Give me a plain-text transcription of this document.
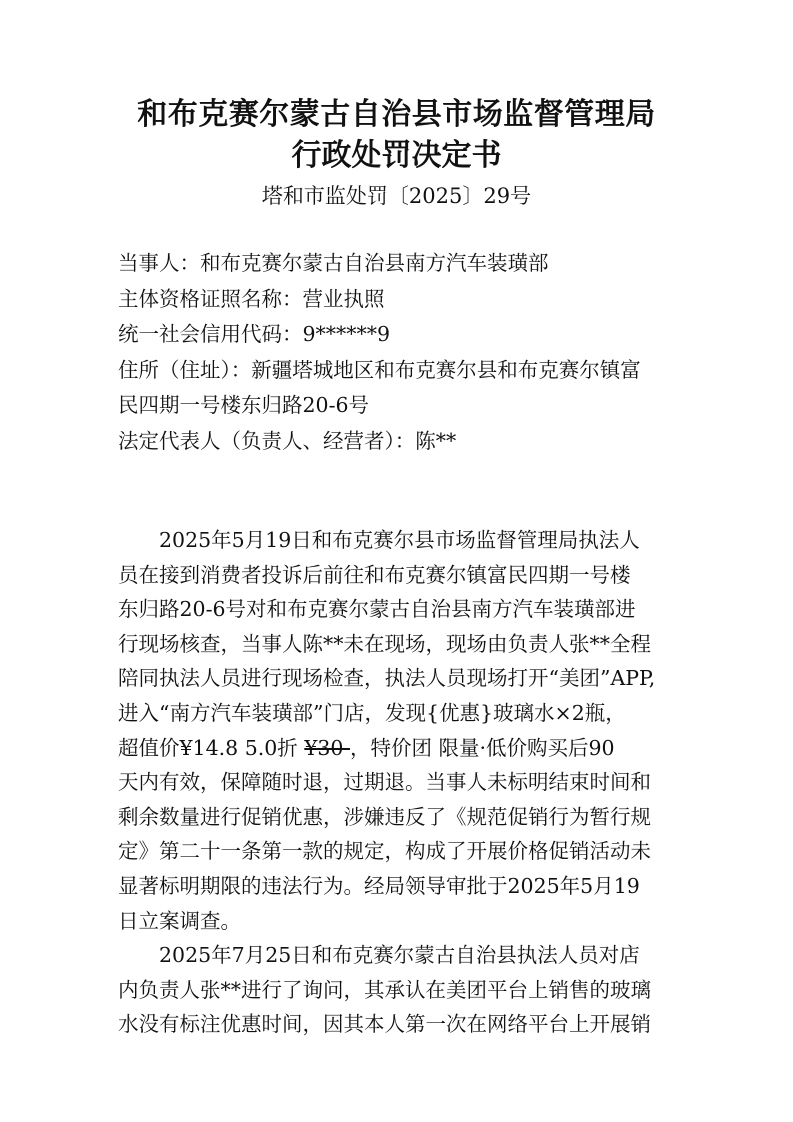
和布克赛尔蒙古自治县市场监督管理局
行政处罚决定书
塔和市监处罚〔2025〕29号
当事人：和布克赛尔蒙古自治县南方汽车装璜部
主体资格证照名称：营业执照
统一社会信用代码：9******9
住所（住址）：新疆塔城地区和布克赛尔县和布克赛尔镇富
民四期一号楼东归路20-6号
法定代表人（负责人、经营者）：陈**
2025年5月19日和布克赛尔县市场监督管理局执法人
员在接到消费者投诉后前往和布克赛尔镇富民四期一号楼
东归路20-6号对和布克赛尔蒙古自治县南方汽车装璜部进
行现场核查，当事人陈**未在现场，现场由负责人张**全程
陪同执法人员进行现场检查，执法人员现场打开“美团”APP,
进入“南方汽车装璜部”门店，发现{优惠}玻璃水×2瓶，
超值价¥14.8 5.0折 ¥30 ，特价团 限量·低价购买后90
天内有效，保障随时退，过期退。当事人未标明结束时间和
剩余数量进行促销优惠，涉嫌违反了《规范促销行为暂行规
定》第二十一条第一款的规定，构成了开展价格促销活动未
显著标明期限的违法行为。经局领导审批于2025年5月19
日立案调查。
2025年7月25日和布克赛尔蒙古自治县执法人员对店
内负责人张**进行了询问，其承认在美团平台上销售的玻璃
水没有标注优惠时间，因其本人第一次在网络平台上开展销
